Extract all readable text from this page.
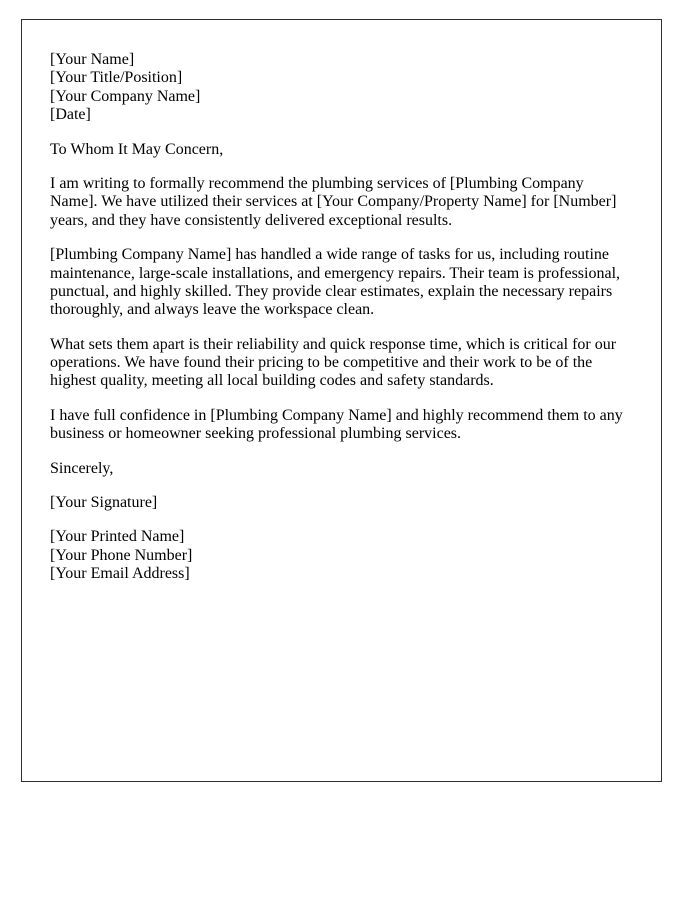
[Your Name]
[Your Title/Position]
[Your Company Name]
[Date]

To Whom It May Concern,

I am writing to formally recommend the plumbing services of [Plumbing Company Name]. We have utilized their services at [Your Company/Property Name] for [Number] years, and they have consistently delivered exceptional results.

[Plumbing Company Name] has handled a wide range of tasks for us, including routine maintenance, large-scale installations, and emergency repairs. Their team is professional, punctual, and highly skilled. They provide clear estimates, explain the necessary repairs thoroughly, and always leave the workspace clean.

What sets them apart is their reliability and quick response time, which is critical for our operations. We have found their pricing to be competitive and their work to be of the highest quality, meeting all local building codes and safety standards.

I have full confidence in [Plumbing Company Name] and highly recommend them to any business or homeowner seeking professional plumbing services.

Sincerely,

[Your Signature]

[Your Printed Name]
[Your Phone Number]
[Your Email Address]
